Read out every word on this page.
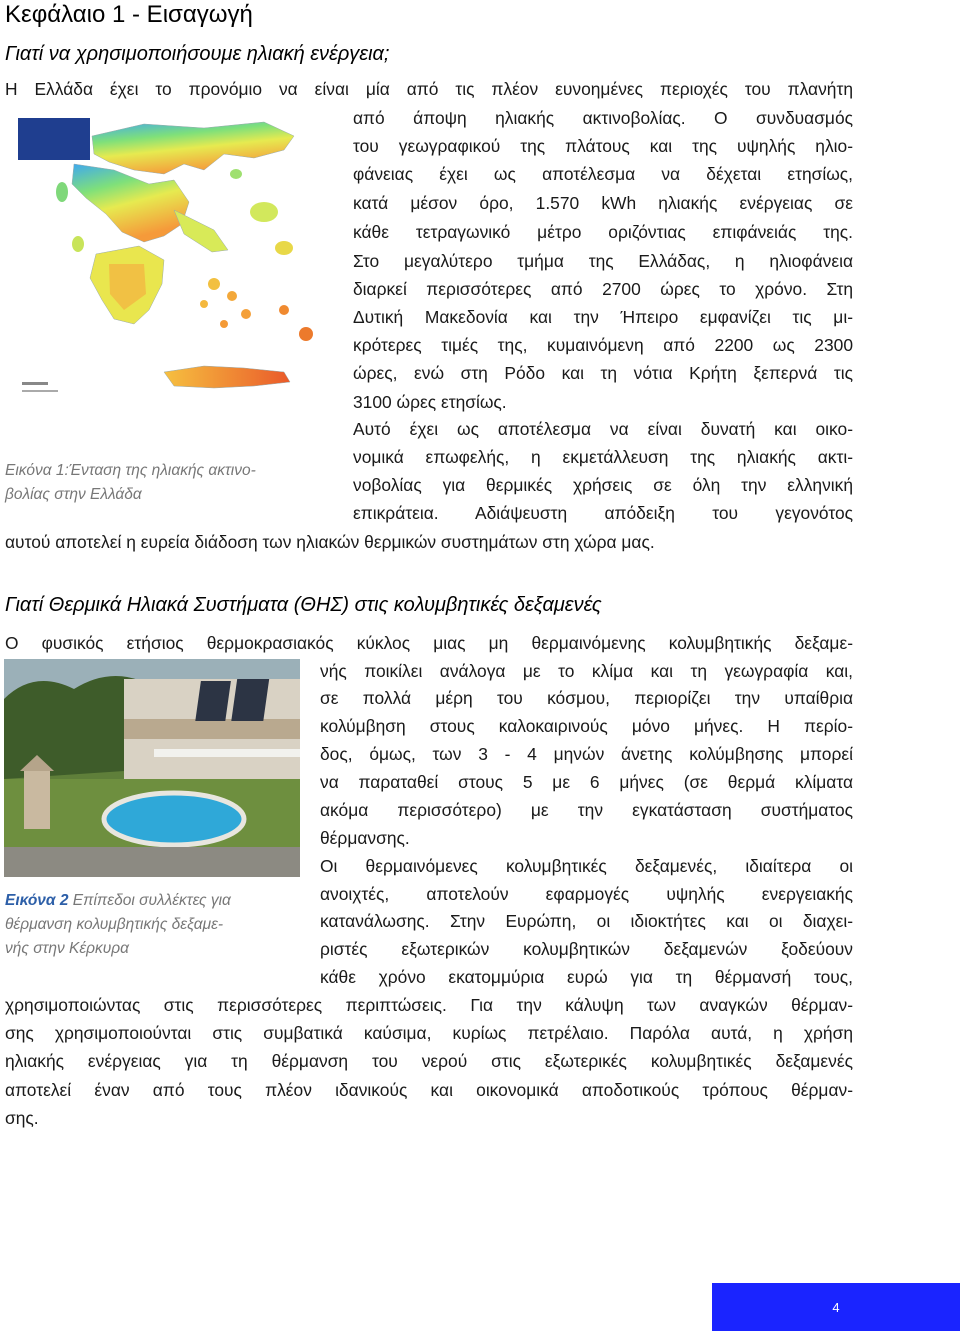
Κεφάλαιο 1 - Εισαγωγή
Γιατί να χρησιμοποιήσουμε ηλιακή ενέργεια;
Η Ελλάδα έχει το προνόμιο να είναι μία από τις πλέον ευνοημένες περιοχές του πλανήτη
από άποψη ηλιακής ακτινοβολίας. Ο συνδυασμός
του γεωγραφικού της πλάτους και της υψηλής ηλιο-
φάνειας έχει ως αποτέλεσμα να δέχεται ετησίως,
κατά μέσον όρο, 1.570 kWh ηλιακής ενέργειας σε
κάθε τετραγωνικό μέτρο οριζόντιας επιφάνειάς της.
Στο μεγαλύτερο τμήμα της Ελλάδας, η ηλιοφάνεια
διαρκεί περισσότερες από 2700 ώρες το χρόνο. Στη
Δυτική Μακεδονία και την Ήπειρο εμφανίζει τις μι-
κρότερες τιμές της, κυμαινόμενη από 2200 ως 2300
ώρες, ενώ στη Ρόδο και τη νότια Κρήτη ξεπερνά τις
3100 ώρες ετησίως.
Αυτό έχει ως αποτέλεσμα να είναι δυνατή και οικο-
νομικά επωφελής, η εκμετάλλευση της ηλιακής ακτι-
νοβολίας για θερμικές χρήσεις σε όλη την ελληνική
επικράτεια. Αδιάψευστη απόδειξη του γεγονότος
αυτού αποτελεί η ευρεία διάδοση των ηλιακών θερμικών συστημάτων στη χώρα μας.
Εικόνα 1:Ένταση της ηλιακής ακτινο-
βολίας στην Ελλάδα
Γιατί Θερμικά Ηλιακά Συστήματα (ΘΗΣ) στις κολυμβητικές δεξαμενές
Ο φυσικός ετήσιος θερμοκρασιακός κύκλος μιας μη θερμαινόμενης κολυμβητικής δεξαμε-
νής ποικίλει ανάλογα με το κλίμα και τη γεωγραφία και,
σε πολλά μέρη του κόσμου, περιορίζει την υπαίθρια
κολύμβηση στους καλοκαιρινούς μόνο μήνες. Η περίο-
δος, όμως, των 3 - 4 μηνών άνετης κολύμβησης μπορεί
να παραταθεί στους 5 με 6 μήνες (σε θερμά κλίματα
ακόμα περισσότερο) με την εγκατάσταση συστήματος
θέρμανσης.
Οι θερμαινόμενες κολυμβητικές δεξαμενές, ιδιαίτερα οι
ανοιχτές, αποτελούν εφαρμογές υψηλής ενεργειακής
κατανάλωσης. Στην Ευρώπη, οι ιδιοκτήτες και οι διαχει-
ριστές εξωτερικών κολυμβητικών δεξαμενών ξοδεύουν
κάθε χρόνο εκατομμύρια ευρώ για τη θέρμανσή τους,
χρησιμοποιώντας στις περισσότερες περιπτώσεις. Για την κάλυψη των αναγκών θέρμαν-
σης χρησιμοποιούνται στις συμβατικά καύσιμα, κυρίως πετρέλαιο. Παρόλα αυτά, η χρήση
ηλιακής ενέργειας για τη θέρμανση του νερού στις εξωτερικές κολυμβητικές δεξαμενές
αποτελεί έναν από τους πλέον ιδανικούς και οικονομικά αποδοτικούς τρόπους θέρμαν-
σης.
Εικόνα 2 Επίπεδοι συλλέκτες για
θέρμανση κολυμβητικής δεξαμε-
νής στην Κέρκυρα
4
